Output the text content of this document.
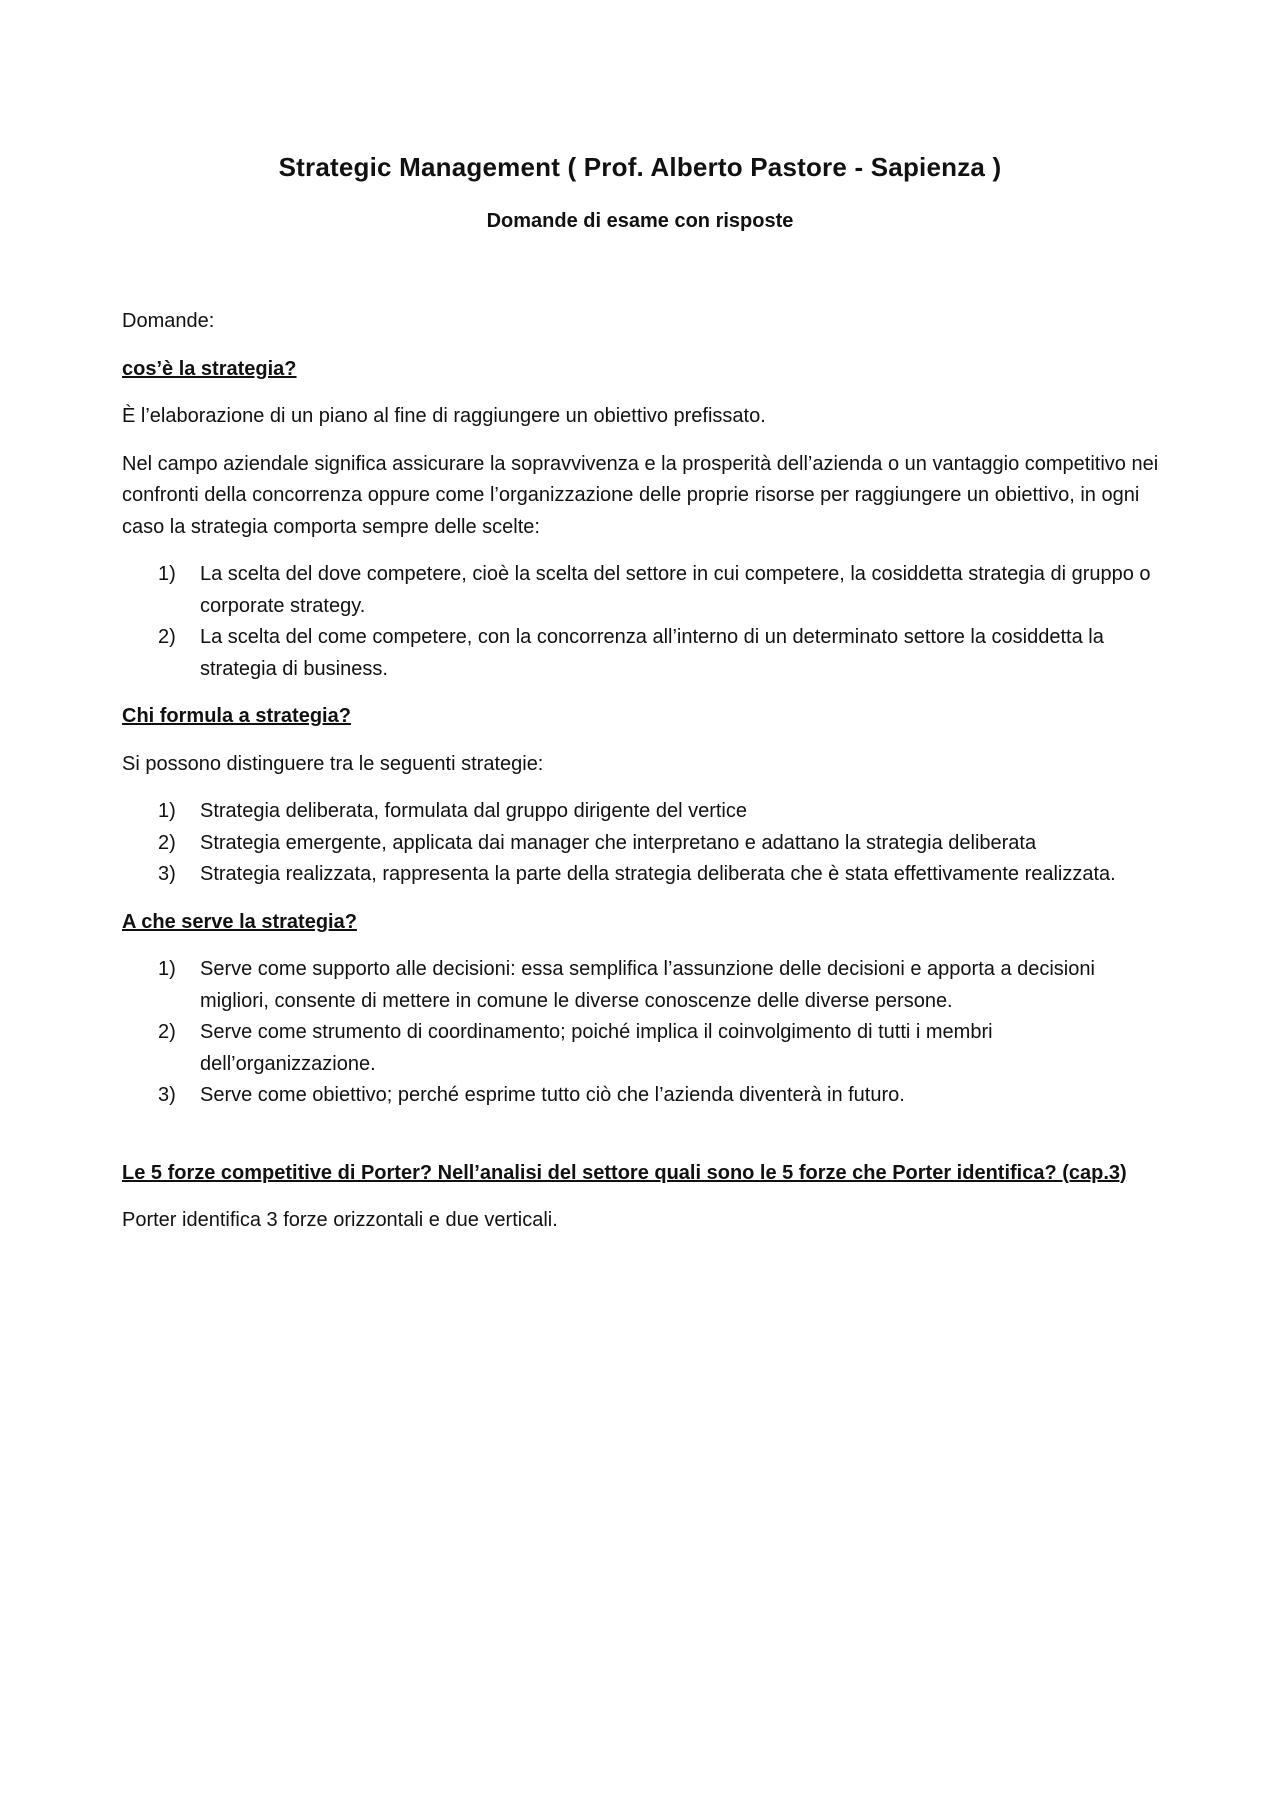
Strategic Management ( Prof. Alberto Pastore - Sapienza )
Domande di esame con risposte

Domande:

cos’è la strategia?

È l’elaborazione di un piano al fine di raggiungere un obiettivo prefissato.

Nel campo aziendale significa assicurare la sopravvivenza e la prosperità dell’azienda o un vantaggio competitivo nei confronti della concorrenza oppure come l’organizzazione delle proprie risorse per raggiungere un obiettivo, in ogni caso la strategia comporta sempre delle scelte:

1) La scelta del dove competere, cioè la scelta del settore in cui competere, la cosiddetta strategia di gruppo o corporate strategy.
2) La scelta del come competere, con la concorrenza all’interno di un determinato settore la cosiddetta la strategia di business.

Chi formula a strategia?

Si possono distinguere tra le seguenti strategie:

1) Strategia deliberata, formulata dal gruppo dirigente del vertice
2) Strategia emergente, applicata dai manager che interpretano e adattano la strategia deliberata
3) Strategia realizzata, rappresenta la parte della strategia deliberata che è stata effettivamente realizzata.

A che serve la strategia?

1) Serve come supporto alle decisioni: essa semplifica l’assunzione delle decisioni e apporta a decisioni migliori, consente di mettere in comune le diverse conoscenze delle diverse persone.
2) Serve come strumento di coordinamento; poiché implica il coinvolgimento di tutti i membri dell’organizzazione.
3) Serve come obiettivo; perché esprime tutto ciò che l’azienda diventerà in futuro.

Le 5 forze competitive di Porter? Nell’analisi del settore quali sono le 5 forze che Porter identifica? (cap.3)

Porter identifica 3 forze orizzontali e due verticali.
